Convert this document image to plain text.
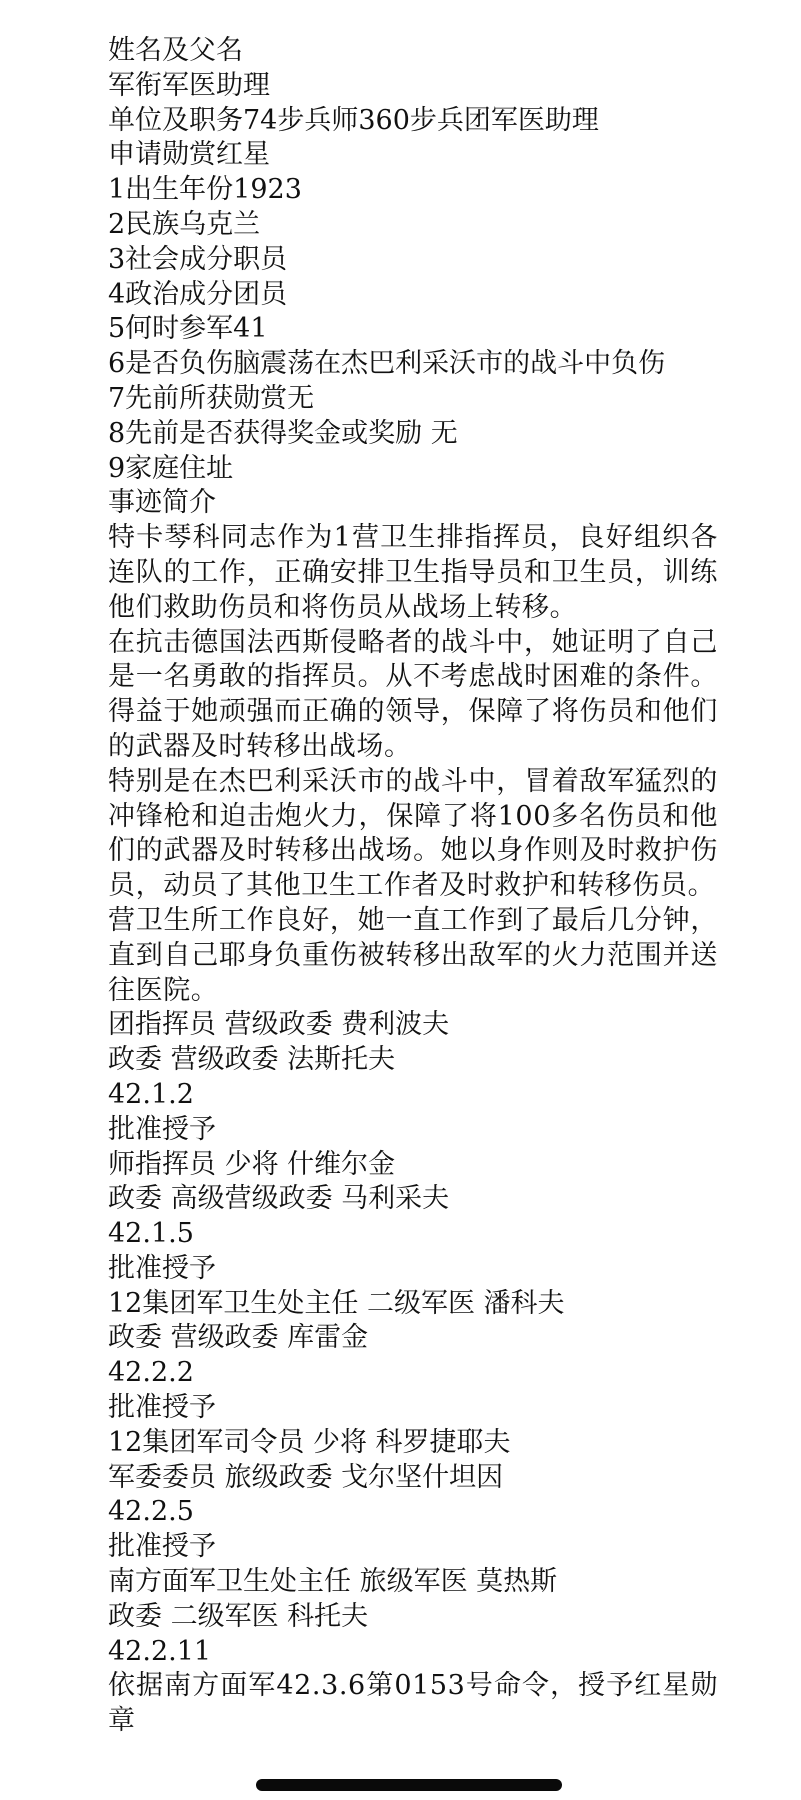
姓名及父名
军衔军医助理
单位及职务74步兵师360步兵团军医助理
申请勋赏红星
1出生年份1923
2民族乌克兰
3社会成分职员
4政治成分团员
5何时参军41
6是否负伤脑震荡在杰巴利采沃市的战斗中负伤
7先前所获勋赏无
8先前是否获得奖金或奖励 无
9家庭住址
事迹简介
特卡琴科同志作为1营卫生排指挥员，良好组织各连队的工作，正确安排卫生指导员和卫生员，训练他们救助伤员和将伤员从战场上转移。
在抗击德国法西斯侵略者的战斗中，她证明了自己是一名勇敢的指挥员。从不考虑战时困难的条件。得益于她顽强而正确的领导，保障了将伤员和他们的武器及时转移出战场。
特别是在杰巴利采沃市的战斗中，冒着敌军猛烈的冲锋枪和迫击炮火力，保障了将100多名伤员和他们的武器及时转移出战场。她以身作则及时救护伤员，动员了其他卫生工作者及时救护和转移伤员。
营卫生所工作良好，她一直工作到了最后几分钟，直到自己耶身负重伤被转移出敌军的火力范围并送往医院。
团指挥员 营级政委 费利波夫
政委 营级政委 法斯托夫
42.1.2
批准授予
师指挥员 少将 什维尔金
政委 高级营级政委 马利采夫
42.1.5
批准授予
12集团军卫生处主任 二级军医 潘科夫
政委 营级政委 库雷金
42.2.2
批准授予
12集团军司令员 少将 科罗捷耶夫
军委委员 旅级政委 戈尔坚什坦因
42.2.5
批准授予
南方面军卫生处主任 旅级军医 莫热斯
政委 二级军医 科托夫
42.2.11
依据南方面军42.3.6第0153号命令，授予红星勋章
